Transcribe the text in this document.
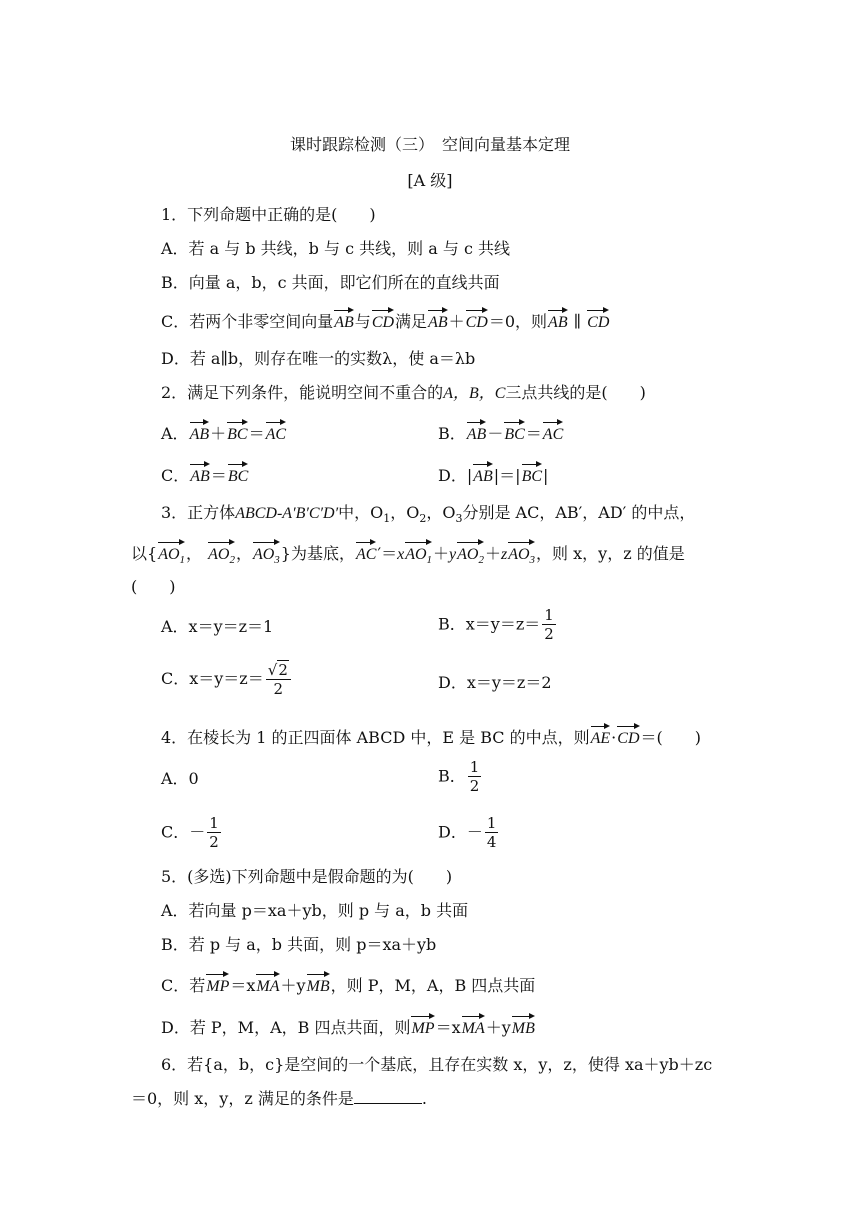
课时跟踪检测（三）　空间向量基本定理
[A 级]
1．下列命题中正确的是(　　)
A．若 a 与 b 共线，b 与 c 共线，则 a 与 c 共线
B．向量 a，b，c 共面，即它们所在的直线共面
C．若两个非零空间向量AB与CD满足AB＋CD＝0，则AB ∥ CD
D．若 a∥b，则存在唯一的实数λ，使 a＝λb
2．满足下列条件，能说明空间不重合的A，B，C三点共线的是(　　)
A．AB＋BC＝AC	B．AB－BC＝AC
C．AB＝BC	D．|AB|＝|BC|
3．正方体ABCD-A′B′C′D′中，$O_1$，$O_2$，$O_3$分别是 AC，AB′，AD′ 的中点，
以{$AO_1$， $AO_2$，$AO_3$}为基底，AC′＝xAO$_1$＋yAO$_2$＋zAO$_3$，则 x，y，z 的值是
(　　)
A．x＝y＝z＝1	B．$x=y=z= \frac{1}{2}$
C．$x=y=z= \frac{√2}{2}$	D．x＝y＝z＝2
4．在棱长为 1 的正四面体 ABCD 中，E 是 BC 的中点，则AE·CD＝(　　)
A．0	B． $\frac{1}{2}$
C．－ $\frac{1}{2}$	D．－ $\frac{1}{4}$
5．(多选)下列命题中是假命题的为(　　)
A．若向量 p＝xa＋yb，则 p 与 a，b 共面
B．若 p 与 a，b 共面，则 p＝xa＋yb
C．若MP＝xMA＋yMB，则 P，M，A，B 四点共面
D．若 P，M，A，B 四点共面，则MP＝xMA＋yMB
6．若{a，b，c}是空间的一个基底，且存在实数 x，y，z，使得 xa＋yb＋zc
＝0，则 x，y，z 满足的条件是	.
